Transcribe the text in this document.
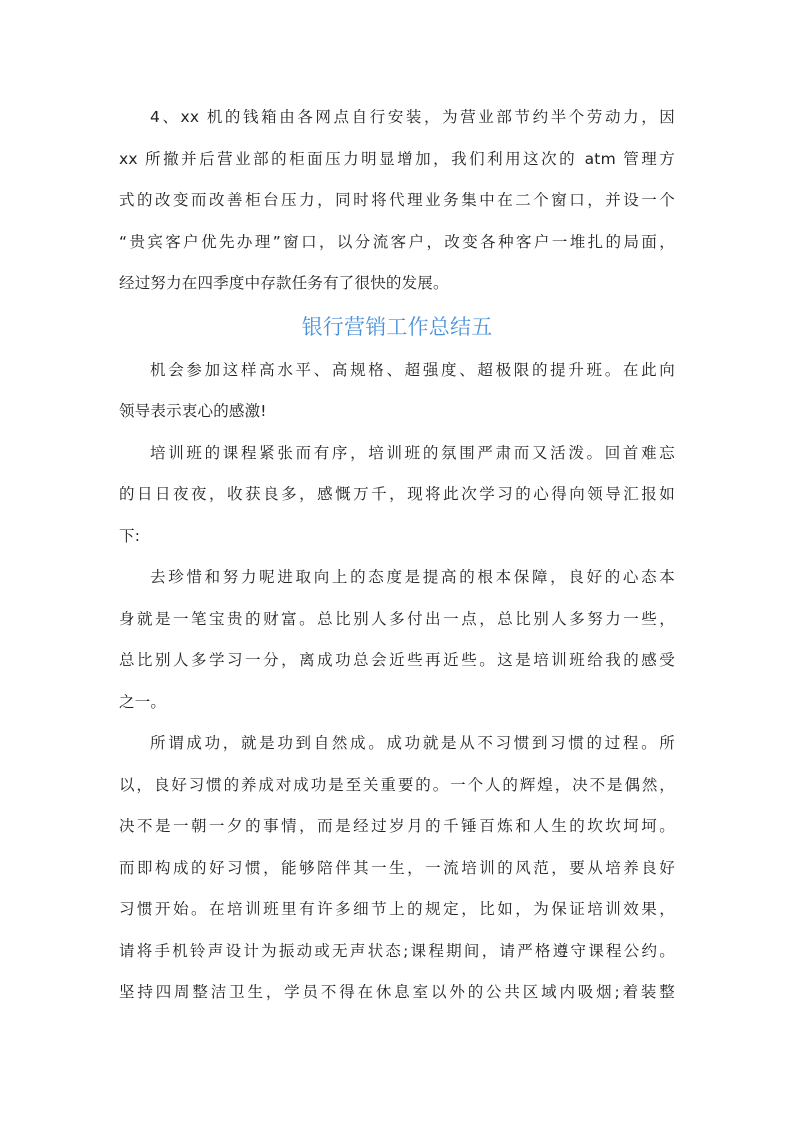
4、xx 机的钱箱由各网点自行安装，为营业部节约半个劳动力，因
xx 所撤并后营业部的柜面压力明显增加，我们利用这次的 atm 管理方
式的改变而改善柜台压力，同时将代理业务集中在二个窗口，并设一个
“贵宾客户优先办理”窗口，以分流客户，改变各种客户一堆扎的局面，
经过努力在四季度中存款任务有了很快的发展。
银行营销工作总结五
机会参加这样高水平、高规格、超强度、超极限的提升班。在此向
领导表示衷心的感激!
培训班的课程紧张而有序，培训班的氛围严肃而又活泼。回首难忘
的日日夜夜，收获良多，感慨万千，现将此次学习的心得向领导汇报如
下:
去珍惜和努力呢进取向上的态度是提高的根本保障，良好的心态本
身就是一笔宝贵的财富。总比别人多付出一点，总比别人多努力一些，
总比别人多学习一分，离成功总会近些再近些。这是培训班给我的感受
之一。
所谓成功，就是功到自然成。成功就是从不习惯到习惯的过程。所
以，良好习惯的养成对成功是至关重要的。一个人的辉煌，决不是偶然，
决不是一朝一夕的事情，而是经过岁月的千锤百炼和人生的坎坎坷坷。
而即构成的好习惯，能够陪伴其一生，一流培训的风范，要从培养良好
习惯开始。在培训班里有许多细节上的规定，比如，为保证培训效果，
请将手机铃声设计为振动或无声状态;课程期间，请严格遵守课程公约。
坚持四周整洁卫生，学员不得在休息室以外的公共区域内吸烟;着装整
